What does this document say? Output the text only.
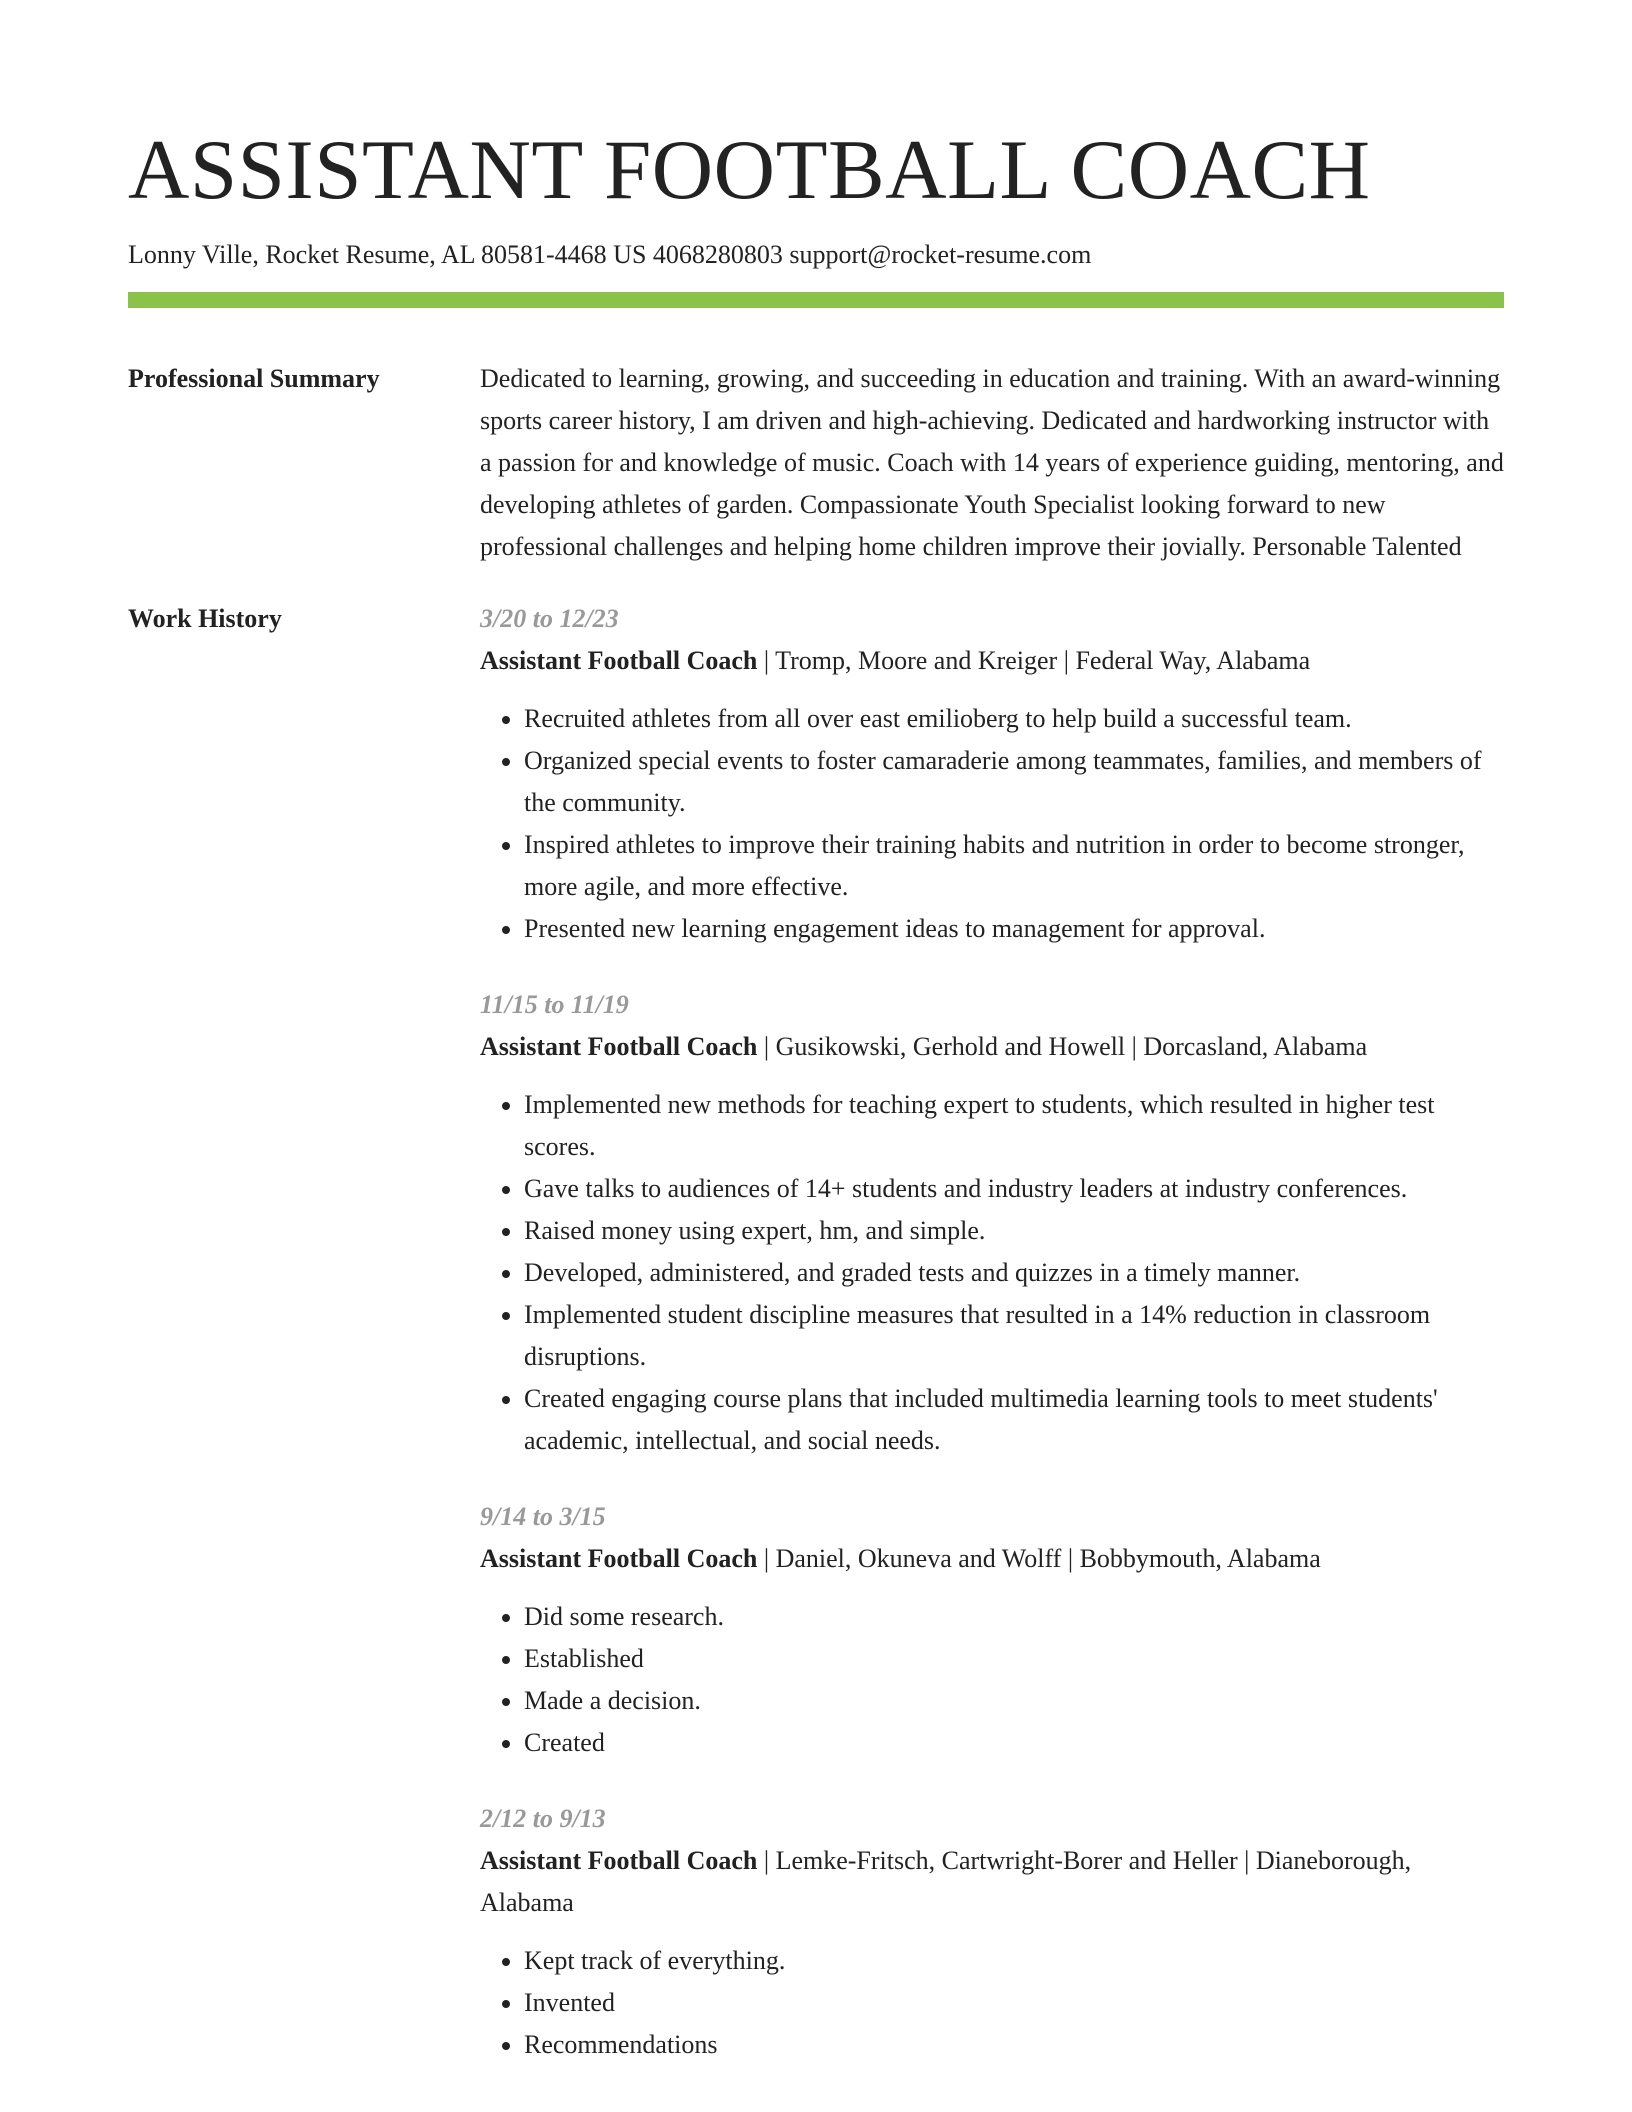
ASSISTANT FOOTBALL COACH
Lonny Ville, Rocket Resume, AL 80581-4468 US 4068280803 support@rocket-resume.com
Professional Summary	Dedicated to learning, growing, and succeeding in education and training. With an award-winning sports career history, I am driven and high-achieving. Dedicated and hardworking instructor with a passion for and knowledge of music. Coach with 14 years of experience guiding, mentoring, and developing athletes of garden. Compassionate Youth Specialist looking forward to new professional challenges and helping home children improve their jovially. Personable Talented
Work History	3/20 to 12/23
Assistant Football Coach | Tromp, Moore and Kreiger | Federal Way, Alabama
• Recruited athletes from all over east emilioberg to help build a successful team.
• Organized special events to foster camaraderie among teammates, families, and members of the community.
• Inspired athletes to improve their training habits and nutrition in order to become stronger, more agile, and more effective.
• Presented new learning engagement ideas to management for approval.
11/15 to 11/19
Assistant Football Coach | Gusikowski, Gerhold and Howell | Dorcasland, Alabama
• Implemented new methods for teaching expert to students, which resulted in higher test scores.
• Gave talks to audiences of 14+ students and industry leaders at industry conferences.
• Raised money using expert, hm, and simple.
• Developed, administered, and graded tests and quizzes in a timely manner.
• Implemented student discipline measures that resulted in a 14% reduction in classroom disruptions.
• Created engaging course plans that included multimedia learning tools to meet students' academic, intellectual, and social needs.
9/14 to 3/15
Assistant Football Coach | Daniel, Okuneva and Wolff | Bobbymouth, Alabama
• Did some research.
• Established
• Made a decision.
• Created
2/12 to 9/13
Assistant Football Coach | Lemke-Fritsch, Cartwright-Borer and Heller | Dianeborough, Alabama
• Kept track of everything.
• Invented
• Recommendations
